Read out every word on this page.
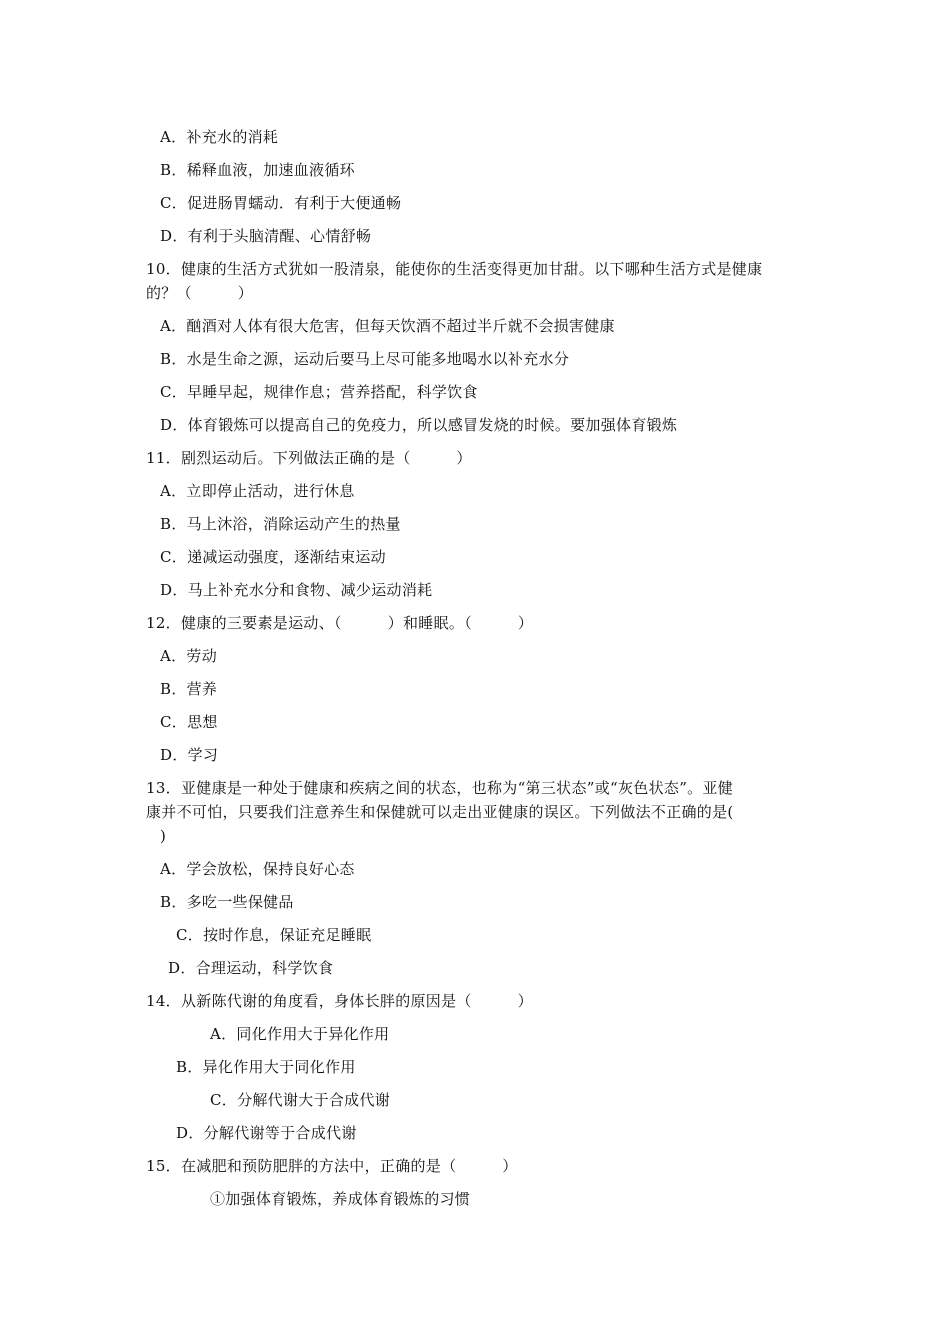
A．补充水的消耗
B．稀释血液，加速血液循环
C．促进肠胃蠕动．有利于大便通畅
D．有利于头脑清醒、心情舒畅
10．健康的生活方式犹如一股清泉，能使你的生活变得更加甘甜。以下哪种生活方式是健康
的？（　　　）
A．酗酒对人体有很大危害，但每天饮酒不超过半斤就不会损害健康
B．水是生命之源，运动后要马上尽可能多地喝水以补充水分
C．早睡早起，规律作息；营养搭配，科学饮食
D．体育锻炼可以提高自己的免疫力，所以感冒发烧的时候。要加强体育锻炼
11．剧烈运动后。下列做法正确的是（　　　）
A．立即停止活动，进行休息
B．马上沐浴，消除运动产生的热量
C．递减运动强度，逐渐结束运动
D．马上补充水分和食物、减少运动消耗
12．健康的三要素是运动、（　　　）和睡眠。（　　　）
A．劳动
B．营养
C．思想
D．学习
13．亚健康是一种处于健康和疾病之间的状态，也称为“第三状态”或“灰色状态”。亚健
康并不可怕，只要我们注意养生和保健就可以走出亚健康的误区。下列做法不正确的是(
)
A．学会放松，保持良好心态
B．多吃一些保健品
C．按时作息，保证充足睡眠
D．合理运动，科学饮食
14．从新陈代谢的角度看，身体长胖的原因是（　　　）
A．同化作用大于异化作用
B．异化作用大于同化作用
C．分解代谢大于合成代谢
D．分解代谢等于合成代谢
15．在减肥和预防肥胖的方法中，正确的是（　　　）
①加强体育锻炼，养成体育锻炼的习惯
